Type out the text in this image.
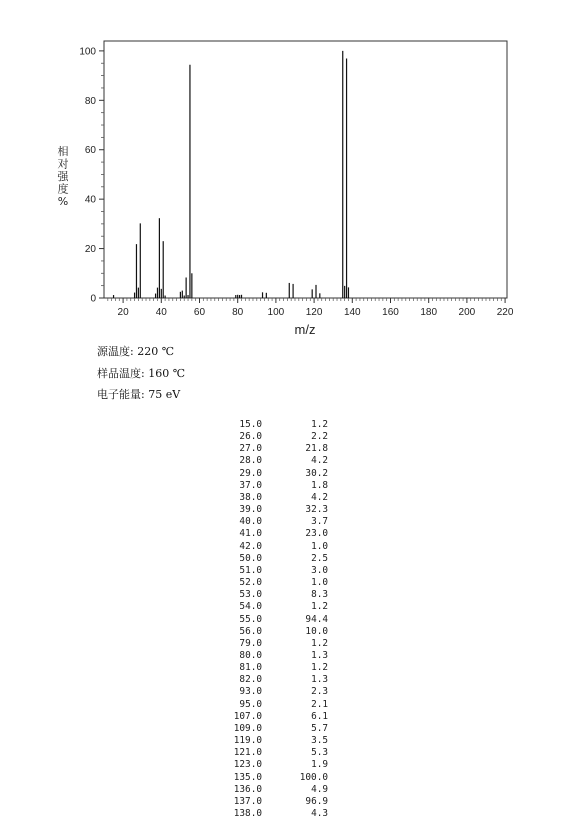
0
20
40
60
80
100
20	40	60	80 100 120 140 160 180 200 220
m/z
相
对
强
度
%
源温度: 220 ℃
样品温度: 160 ℃
电子能量: 75 eV
15.0	1.2
26.0	2.2
27.0	21.8
28.0	4.2
29.0	30.2
37.0	1.8
38.0	4.2
39.0	32.3
40.0	3.7
41.0	23.0
42.0	1.0
50.0	2.5
51.0	3.0
52.0	1.0
53.0	8.3
54.0	1.2
55.0	94.4
56.0	10.0
79.0	1.2
80.0	1.3
81.0	1.2
82.0	1.3
93.0	2.3
95.0	2.1
107.0	6.1
109.0	5.7
119.0	3.5
121.0	5.3
123.0	1.9
135.0	100.0
136.0	4.9
137.0	96.9
138.0	4.3
